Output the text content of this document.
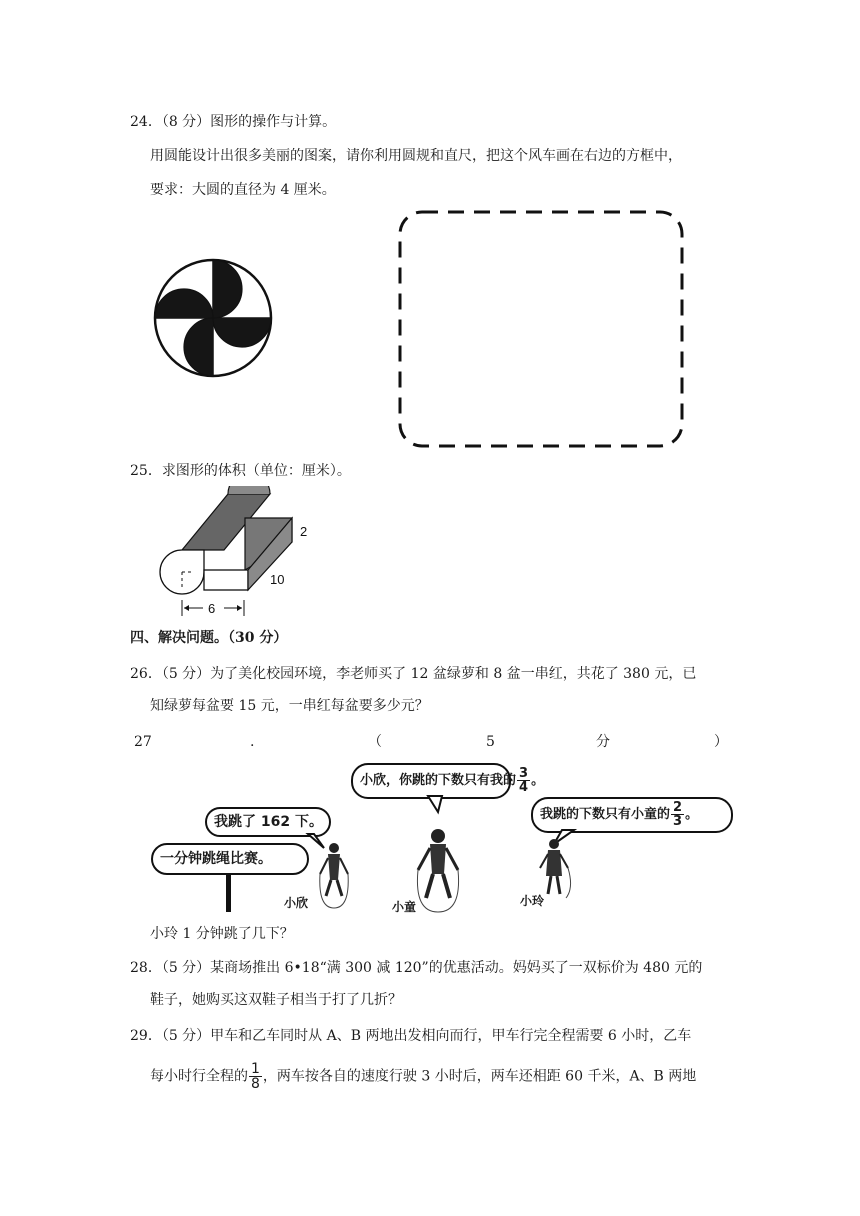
24．（8 分）图形的操作与计算。
用圆能设计出很多美丽的图案，请你利用圆规和直尺，把这个风车画在右边的方框中，
要求：大圆的直径为 4 厘米。
25．求图形的体积（单位：厘米）。
2
10
6
四、解决问题。（30 分）
26．（5 分）为了美化校园环境，李老师买了 12 盆绿萝和 8 盆一串红，共花了 380 元，已
知绿萝每盆要 15 元，一串红每盆要多少元？
27	.	（	5	分	）
一分钟跳绳比赛。
我跳了 162 下。
小欣，你跳的下数只有我的 $\frac{3}{4}$ 。
我跳的下数只有小童的 $\frac{2}{3}$ 。
小欣	小童	小玲
小玲 1 分钟跳了几下？
28．（5 分）某商场推出 6•18“满 300 减 120”的优惠活动。妈妈买了一双标价为 480 元的
鞋子，她购买这双鞋子相当于打了几折？
29．（5 分）甲车和乙车同时从 A、B 两地出发相向而行，甲车行完全程需要 6 小时，乙车
每小时行全程的 $\frac{1}{8}$ ，两车按各自的速度行驶 3 小时后，两车还相距 60 千米，A、B 两地
